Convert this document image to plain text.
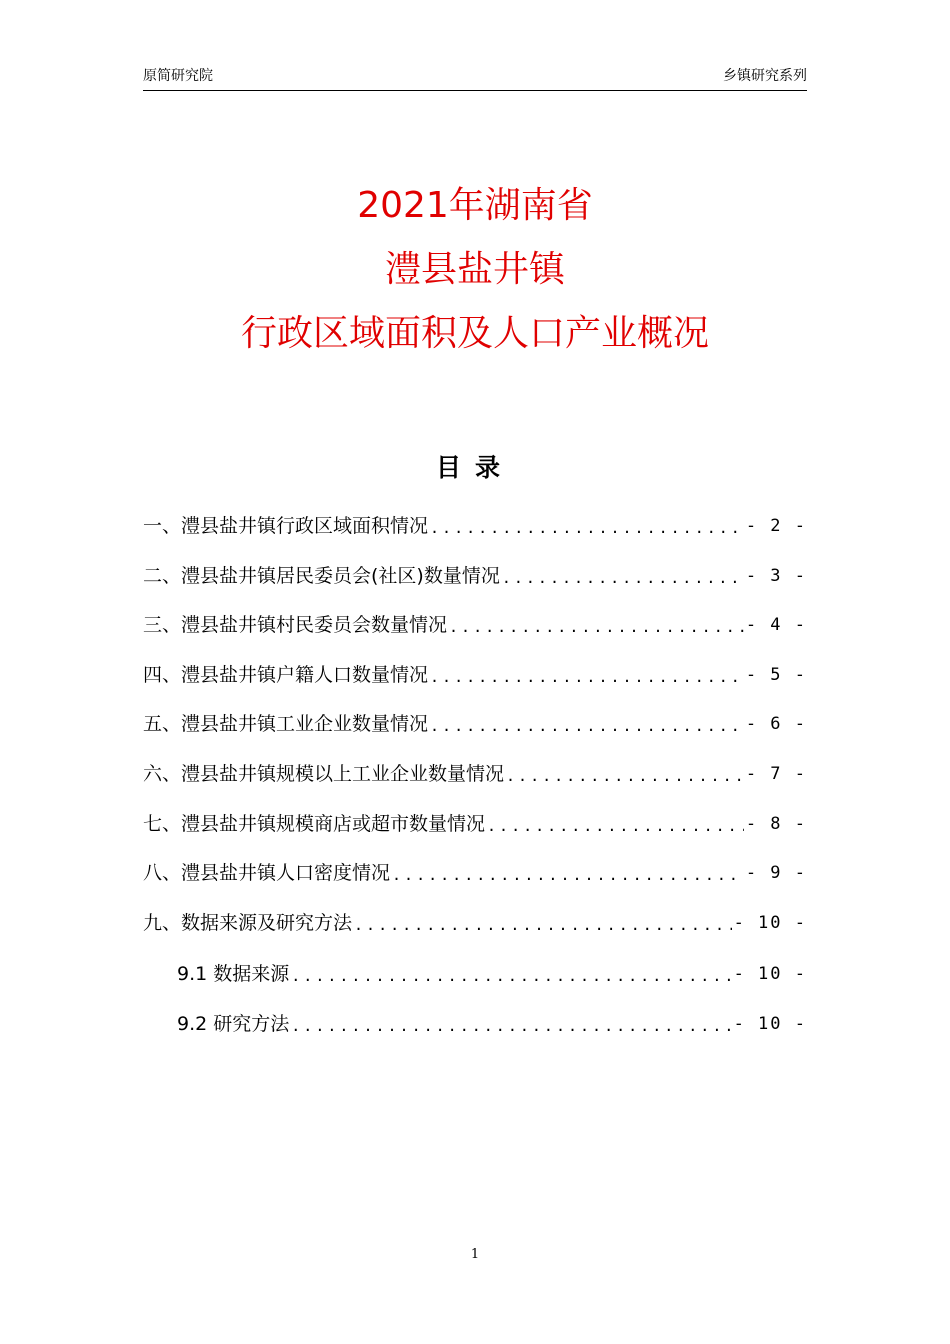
原简研究院	乡镇研究系列
2021年湖南省
澧县盐井镇
行政区域面积及人口产业概况
目录
一、澧县盐井镇行政区域面积情况 .....	- 2 -
二、澧县盐井镇居民委员会(社区)数量情况 .....	- 3 -
三、澧县盐井镇村民委员会数量情况 .....	- 4 -
四、澧县盐井镇户籍人口数量情况 .....	- 5 -
五、澧县盐井镇工业企业数量情况 .....	- 6 -
六、澧县盐井镇规模以上工业企业数量情况 .....	- 7 -
七、澧县盐井镇规模商店或超市数量情况 .....	- 8 -
八、澧县盐井镇人口密度情况 .....	- 9 -
九、数据来源及研究方法 .....	- 10 -
9.1 数据来源 .....	- 10 -
9.2 研究方法 .....	- 10 -
1
